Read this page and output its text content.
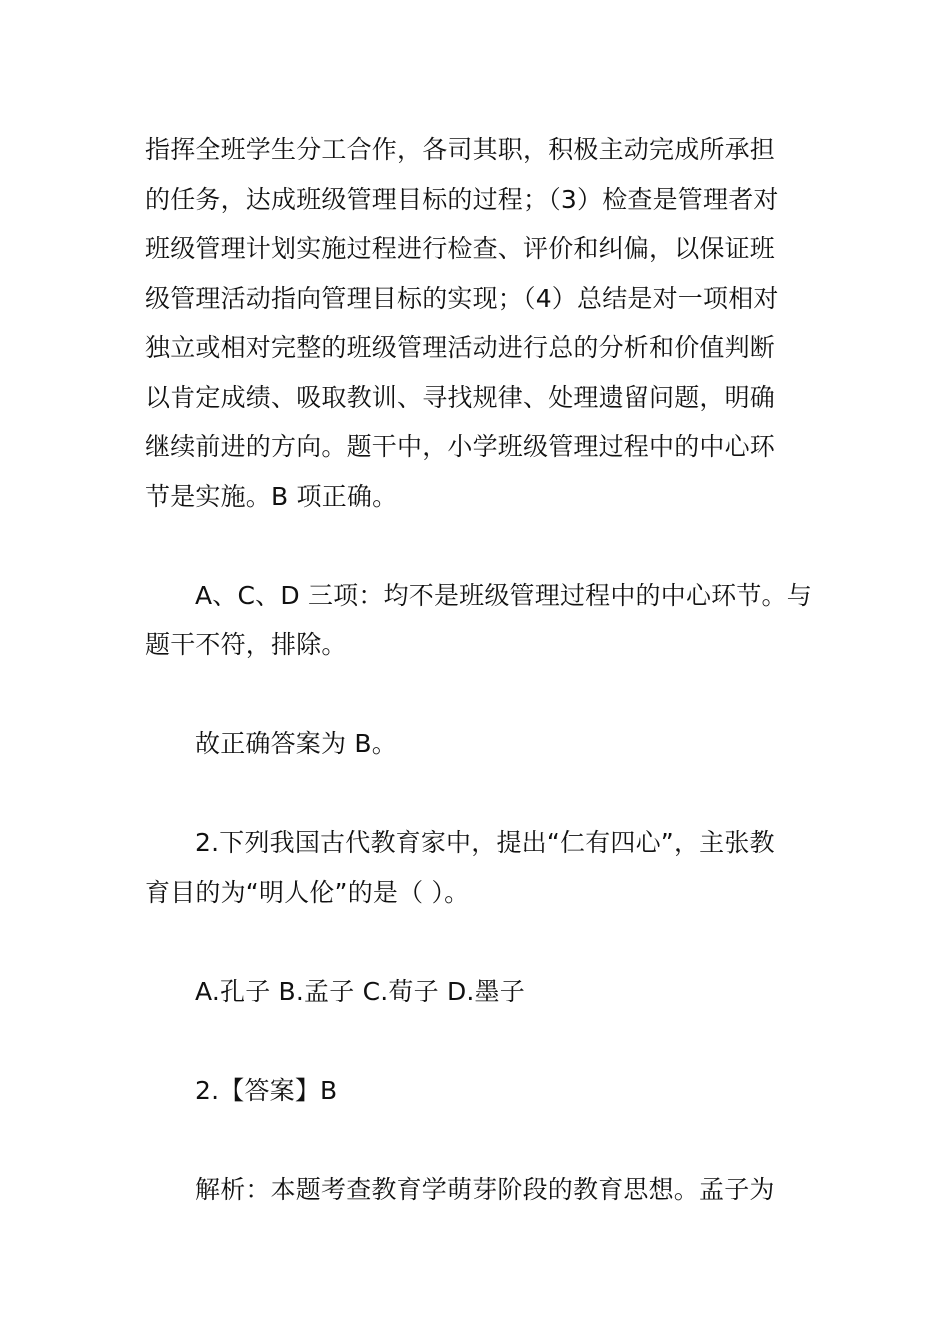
指挥全班学生分工合作，各司其职，积极主动完成所承担
的任务，达成班级管理目标的过程；（3）检查是管理者对
班级管理计划实施过程进行检查、评价和纠偏，以保证班
级管理活动指向管理目标的实现；（4）总结是对一项相对
独立或相对完整的班级管理活动进行总的分析和价值判断
以肯定成绩、吸取教训、寻找规律、处理遗留问题，明确
继续前进的方向。题干中，小学班级管理过程中的中心环
节是实施。B 项正确。

A、C、D 三项：均不是班级管理过程中的中心环节。与
题干不符，排除。

故正确答案为 B。

2.下列我国古代教育家中，提出“仁有四心”，主张教
育目的为“明人伦”的是（ ）。

A.孔子 B.孟子 C.荀子 D.墨子

2.【答案】B

解析：本题考查教育学萌芽阶段的教育思想。孟子为
